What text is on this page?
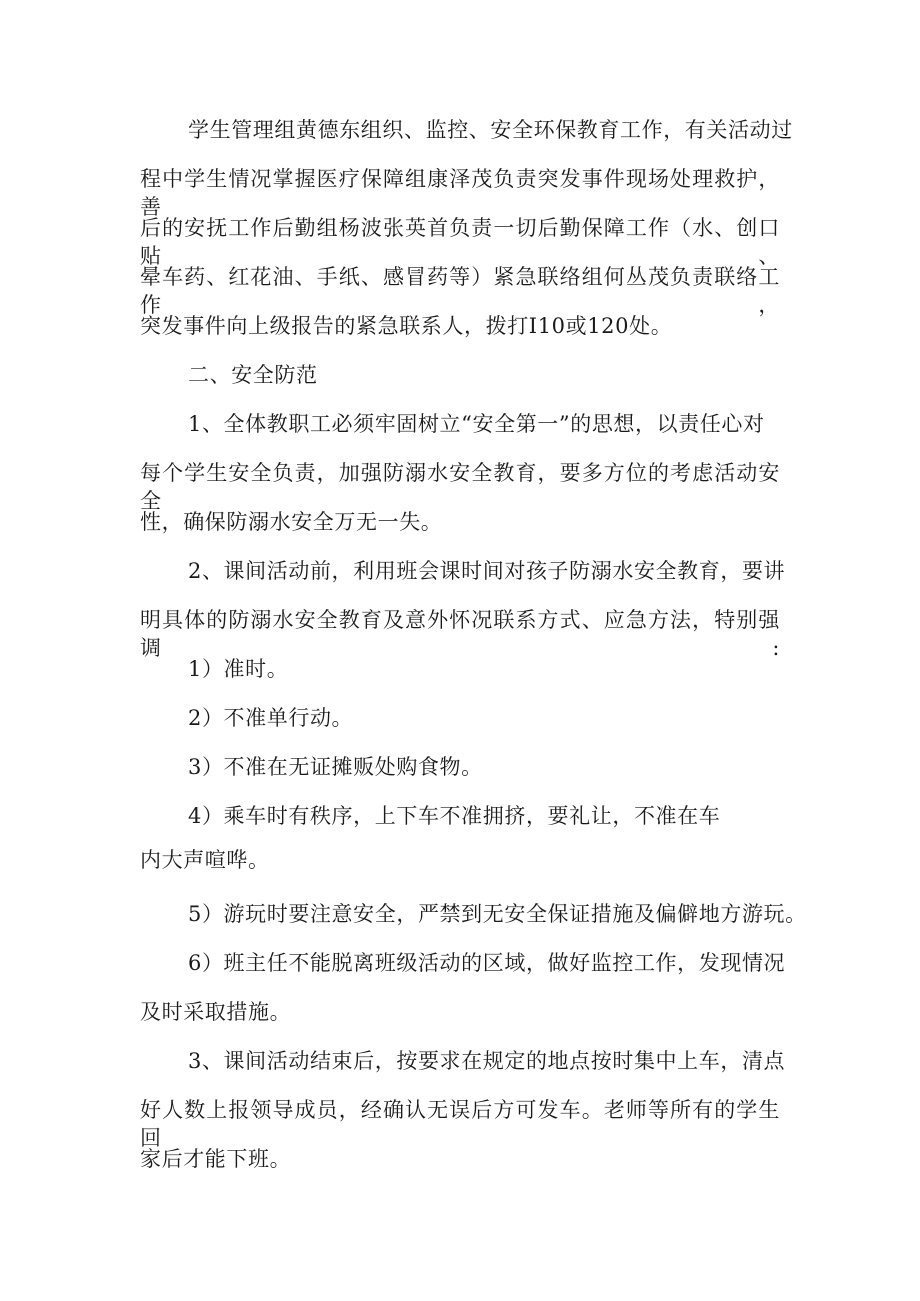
学生管理组黄德东组织、监控、安全环保教育工作，有关活动过
程中学生情况掌握医疗保障组康泽茂负责突发事件现场处理救护，善
后的安抚工作后勤组杨波张英首负责一切后勤保障工作（水、创口贴、
晕车药、红花油、手纸、感冒药等）紧急联络组何丛茂负责联络工作，
突发事件向上级报告的紧急联系人，拨打I10或120处。
二、安全防范
1、全体教职工必须牢固树立“安全第一”的思想，以责任心对
每个学生安全负责，加强防溺水安全教育，要多方位的考虑活动安全
性，确保防溺水安全万无一失。
2、课间活动前，利用班会课时间对孩子防溺水安全教育，要讲
明具体的防溺水安全教育及意外怀况联系方式、应急方法，特别强调:
1）准时。
2）不准单行动。
3）不准在无证摊贩处购食物。
4）乘车时有秩序，上下车不准拥挤，要礼让，不准在车
内大声喧哗。
5）游玩时要注意安全，严禁到无安全保证措施及偏僻地方游玩。
6）班主任不能脱离班级活动的区域，做好监控工作，发现情况
及时采取措施。
3、课间活动结束后，按要求在规定的地点按时集中上车，清点
好人数上报领导成员，经确认无误后方可发车。老师等所有的学生回
家后才能下班。
